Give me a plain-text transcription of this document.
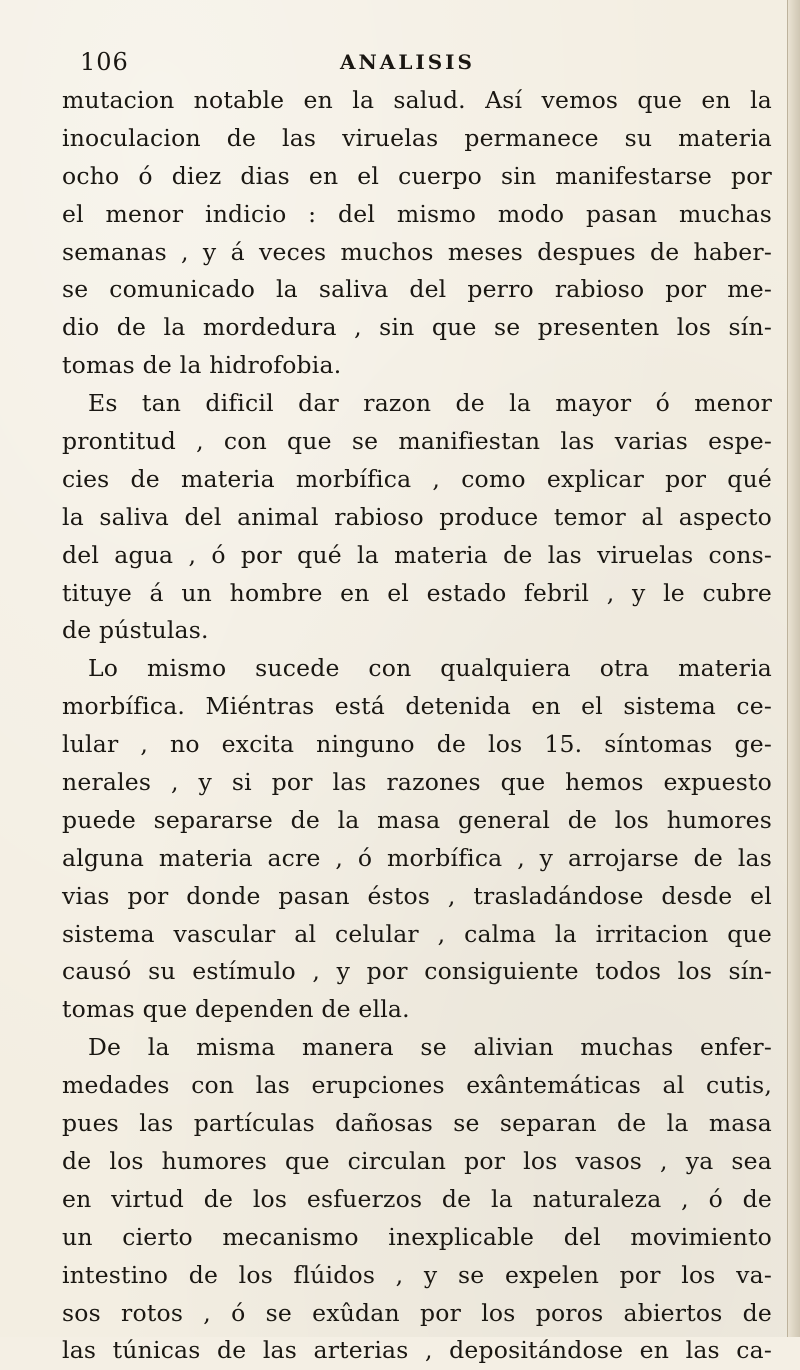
106	ANALISIS
mutacion notable en la salud. Así vemos que en la
inoculacion de las viruelas permanece su materia
ocho ó diez dias en el cuerpo sin manifestarse por
el menor indicio : del mismo modo pasan muchas
semanas , y á veces muchos meses despues de haber-
se comunicado la saliva del perro rabioso por me-
dio de la mordedura , sin que se presenten los sín-
tomas de la hidrofobia.
Es tan dificil dar razon de la mayor ó menor
prontitud , con que se manifiestan las varias espe-
cies de materia morbífica , como explicar por qué
la saliva del animal rabioso produce temor al aspecto
del agua , ó por qué la materia de las viruelas cons-
tituye á un hombre en el estado febril , y le cubre
de pústulas.
Lo mismo sucede con qualquiera otra materia
morbífica. Miéntras está detenida en el sistema ce-
lular , no excita ninguno de los 15. síntomas ge-
nerales , y si por las razones que hemos expuesto
puede separarse de la masa general de los humores
alguna materia acre , ó morbífica , y arrojarse de las
vias por donde pasan éstos , trasladándose desde el
sistema vascular al celular , calma la irritacion que
causó su estímulo , y por consiguiente todos los sín-
tomas que dependen de ella.
De la misma manera se alivian muchas enfer-
medades con las erupciones exântemáticas al cutis,
pues las partículas dañosas se separan de la masa
de los humores que circulan por los vasos , ya sea
en virtud de los esfuerzos de la naturaleza , ó de
un cierto mecanismo inexplicable del movimiento
intestino de los flúidos , y se expelen por los va-
sos rotos , ó se exûdan por los poros abiertos de
las túnicas de las arterias , depositándose en las ca-
